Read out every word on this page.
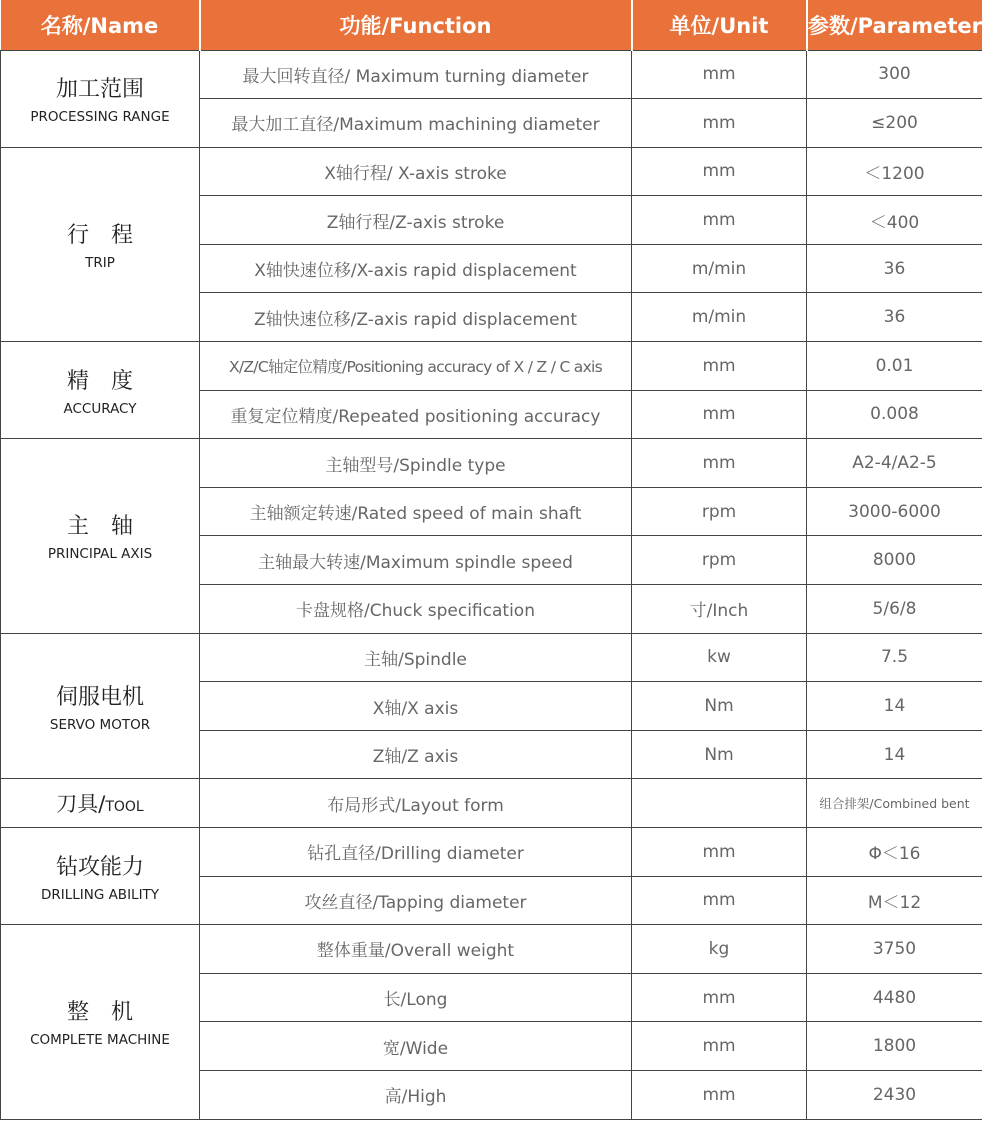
名称/Name	功能/Function	单位/Unit	参数/Parameter

加工范围
PROCESSING RANGE	最大回转直径/ Maximum turning diameter	mm	300
	最大加工直径/Maximum machining diameter	mm	≤200

行　程
TRIP	X轴行程/ X-axis stroke	mm	＜1200
	Z轴行程/Z-axis stroke	mm	＜400
	X轴快速位移/X-axis rapid displacement	m/min	36
	Z轴快速位移/Z-axis rapid displacement	m/min	36

精　度
ACCURACY	X/Z/C轴定位精度/Positioning accuracy of X / Z / C axis	mm	0.01
	重复定位精度/Repeated positioning accuracy	mm	0.008

主　轴
PRINCIPAL AXIS	主轴型号/Spindle type	mm	A2-4/A2-5
	主轴额定转速/Rated speed of main shaft	rpm	3000-6000
	主轴最大转速/Maximum spindle speed	rpm	8000
	卡盘规格/Chuck specification	寸/Inch	5/6/8

伺服电机
SERVO MOTOR	主轴/Spindle	kw	7.5
	X轴/X axis	Nm	14
	Z轴/Z axis	Nm	14
刀具/TOOL	布局形式/Layout form		组合排架/Combined bent

钻攻能力
DRILLING ABILITY	钻孔直径/Drilling diameter	mm	Φ＜16
	攻丝直径/Tapping diameter	mm	M＜12

整　机
COMPLETE MACHINE	整体重量/Overall weight	kg	3750
	长/Long	mm	4480
	宽/Wide	mm	1800
	高/High	mm	2430
